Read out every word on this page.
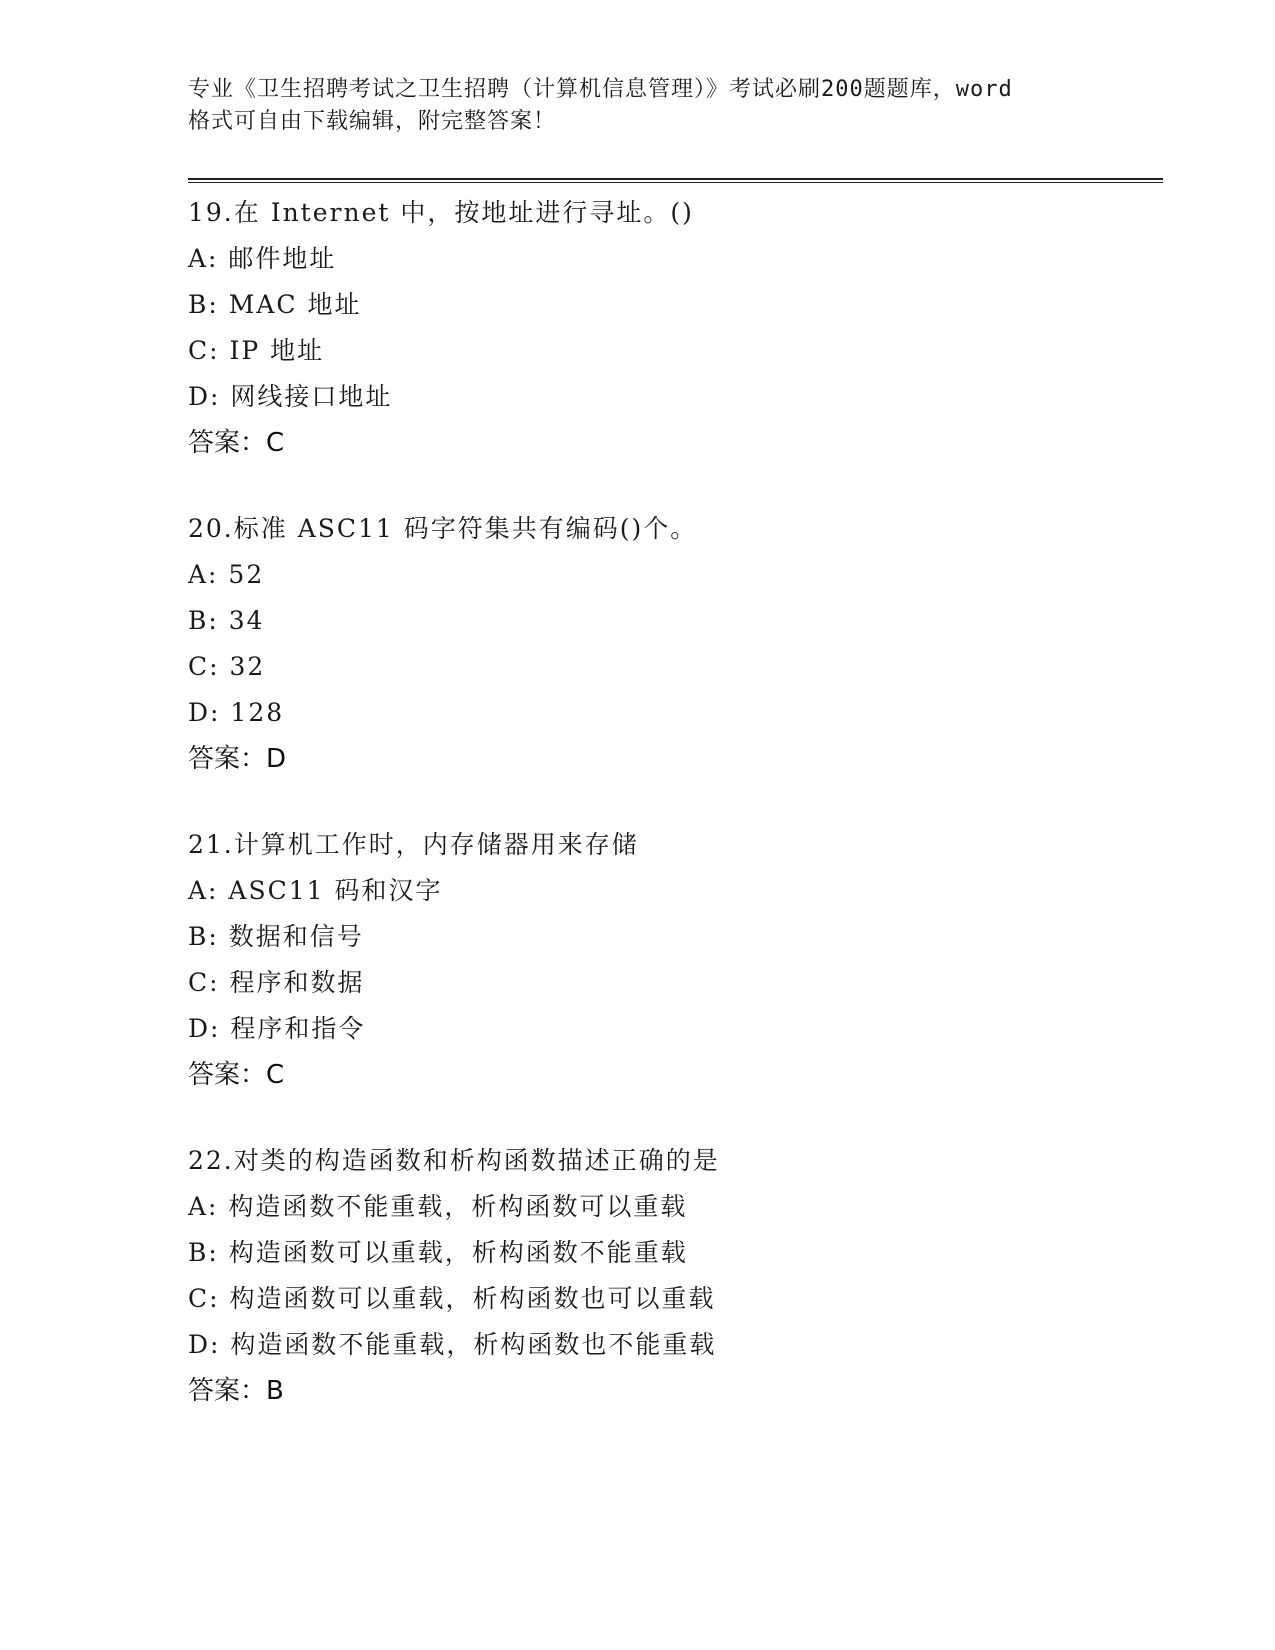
专业《卫生招聘考试之卫生招聘（计算机信息管理）》考试必刷200题题库，word
格式可自由下载编辑，附完整答案！
19.在 Internet 中，按地址进行寻址。()
A: 邮件地址
B: MAC 地址
C: IP 地址
D: 网线接口地址
答案：C
20.标准 ASC11 码字符集共有编码()个。
A: 52
B: 34
C: 32
D: 128
答案：D
21.计算机工作时，内存储器用来存储
A: ASC11 码和汉字
B: 数据和信号
C: 程序和数据
D: 程序和指令
答案：C
22.对类的构造函数和析构函数描述正确的是
A: 构造函数不能重载，析构函数可以重载
B: 构造函数可以重载，析构函数不能重载
C: 构造函数可以重载，析构函数也可以重载
D: 构造函数不能重载，析构函数也不能重载
答案：B
